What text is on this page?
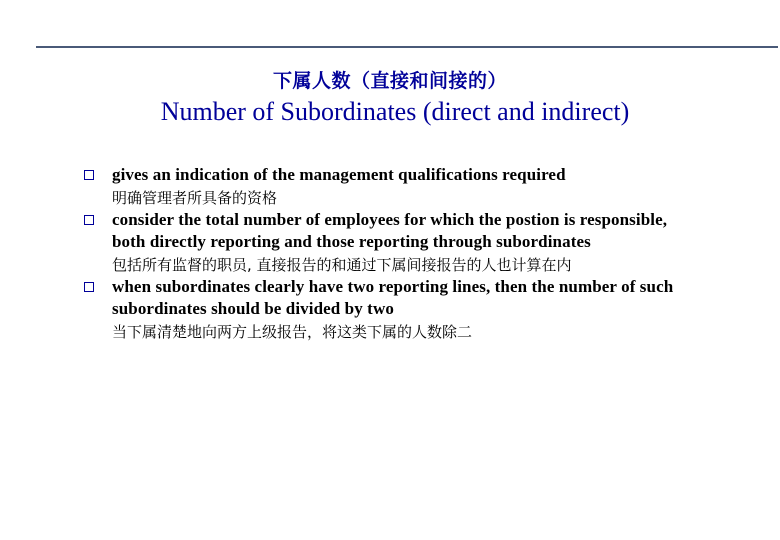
下属人数（直接和间接的）
Number of Subordinates (direct and indirect)

gives an indication of the management qualifications required

明确管理者所具备的资格

consider the total number of employees for which the postion is responsible, both directly reporting and those reporting through subordinates

包括所有监督的职员, 直接报告的和通过下属间接报告的人也计算在内

when subordinates clearly have two reporting lines, then the number of such subordinates should be divided by two

当下属清楚地向两方上级报告，将这类下属的人数除二
